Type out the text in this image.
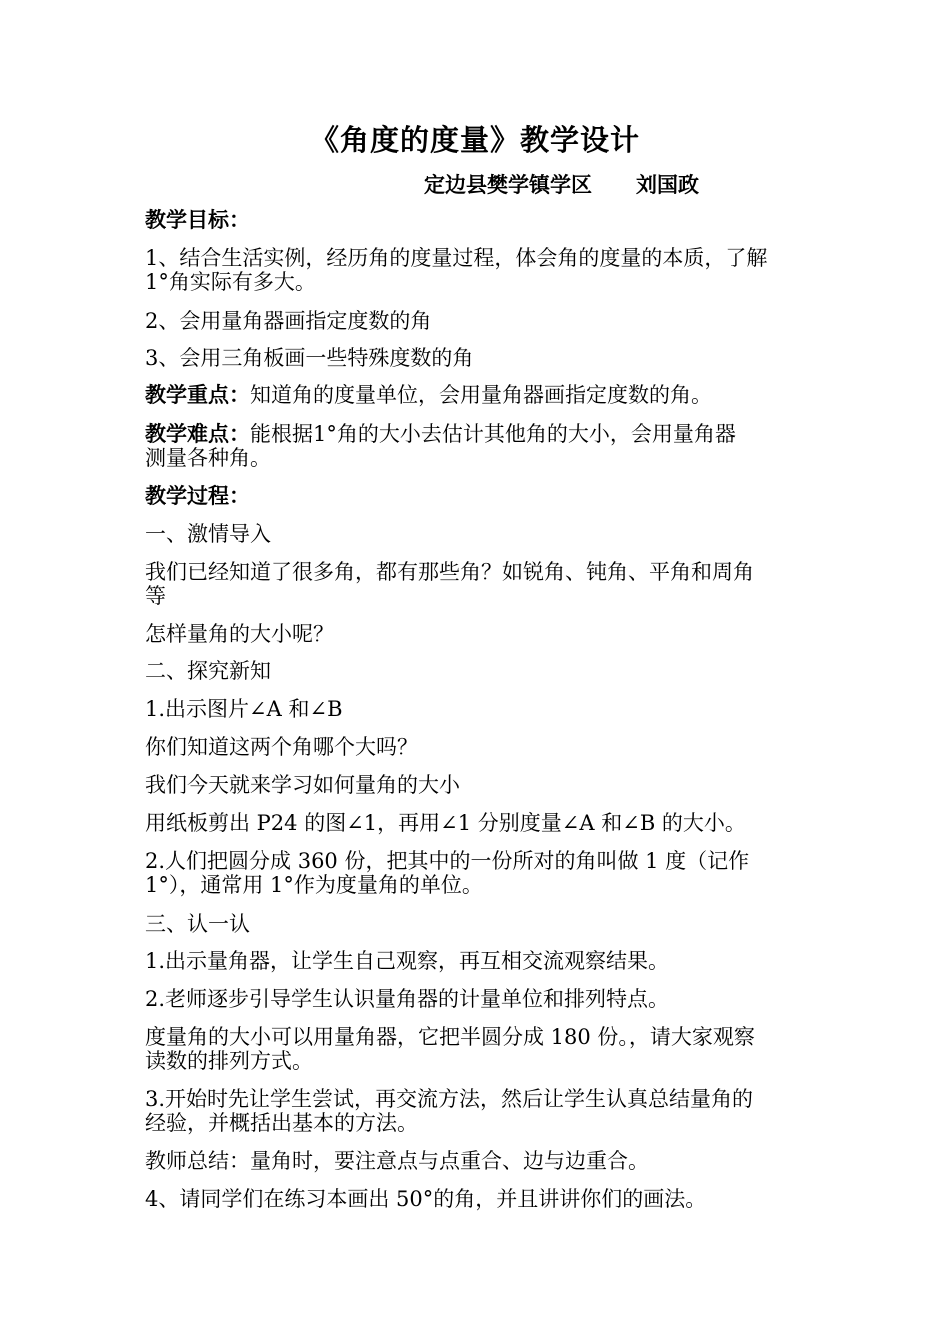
《角度的度量》教学设计
定边县樊学镇学区 刘国政
教学目标：
1、结合生活实例，经历角的度量过程，体会角的度量的本质，了解
1°角实际有多大。
2、会用量角器画指定度数的角
3、会用三角板画一些特殊度数的角
教学重点：知道角的度量单位，会用量角器画指定度数的角。
教学难点：能根据1°角的大小去估计其他角的大小，会用量角器
测量各种角。
教学过程：
一、激情导入
我们已经知道了很多角，都有那些角？如锐角、钝角、平角和周角
等
怎样量角的大小呢？
二、探究新知
1.出示图片∠A 和∠B
你们知道这两个角哪个大吗？
我们今天就来学习如何量角的大小
用纸板剪出 P24 的图∠1，再用∠1 分别度量∠A 和∠B 的大小。
2.人们把圆分成 360 份，把其中的一份所对的角叫做 1 度（记作
1°），通常用 1°作为度量角的单位。
三、认一认
1.出示量角器，让学生自己观察，再互相交流观察结果。
2.老师逐步引导学生认识量角器的计量单位和排列特点。
度量角的大小可以用量角器，它把半圆分成 180 份。，请大家观察
读数的排列方式。
3.开始时先让学生尝试，再交流方法，然后让学生认真总结量角的
经验，并概括出基本的方法。
教师总结：量角时，要注意点与点重合、边与边重合。
4、请同学们在练习本画出 50°的角，并且讲讲你们的画法。
